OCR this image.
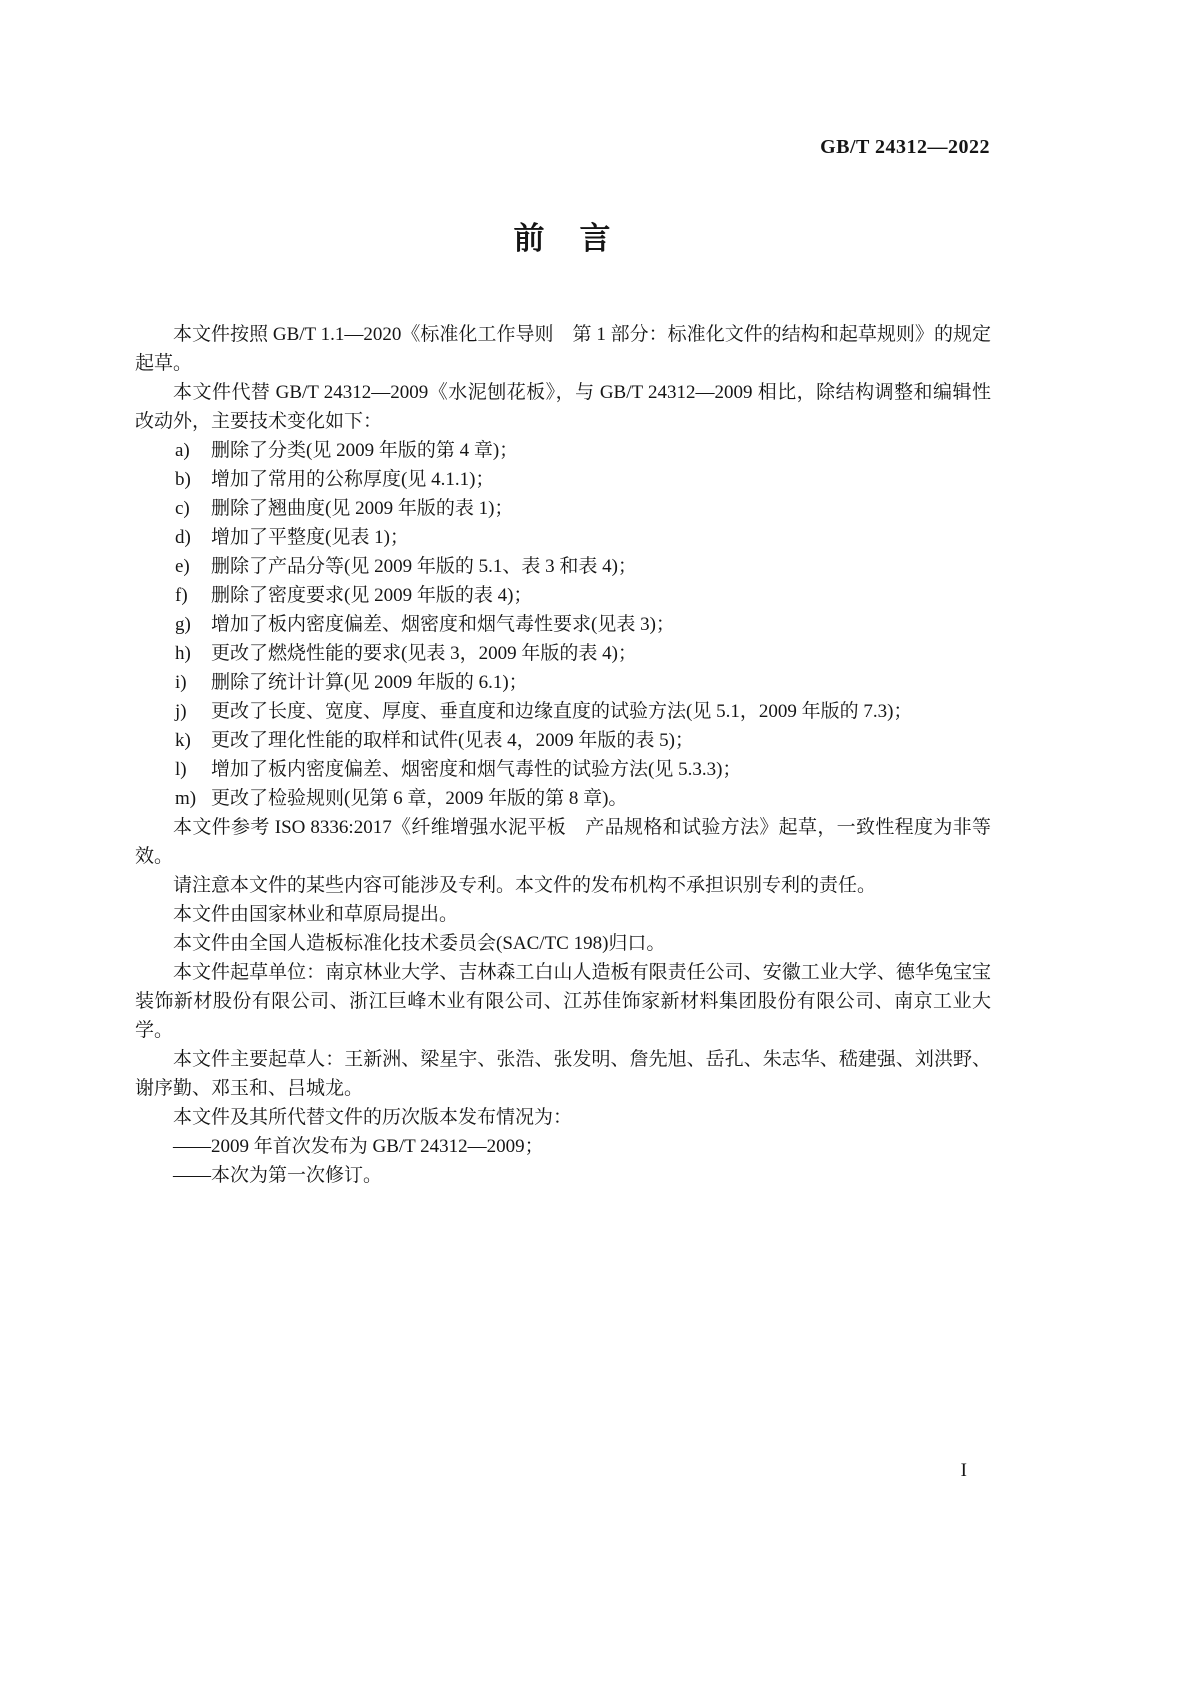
GB/T 24312—2022
前　言

本文件按照 GB/T 1.1—2020《标准化工作导则　第 1 部分：标准化文件的结构和起草规则》的规定起草。

本文件代替 GB/T 24312—2009《水泥刨花板》，与 GB/T 24312—2009 相比，除结构调整和编辑性改动外，主要技术变化如下：

a) 删除了分类(见 2009 年版的第 4 章)；
b) 增加了常用的公称厚度(见 4.1.1)；
c) 删除了翘曲度(见 2009 年版的表 1)；
d) 增加了平整度(见表 1)；
e) 删除了产品分等(见 2009 年版的 5.1、表 3 和表 4)；
f) 删除了密度要求(见 2009 年版的表 4)；
g) 增加了板内密度偏差、烟密度和烟气毒性要求(见表 3)；
h) 更改了燃烧性能的要求(见表 3，2009 年版的表 4)；
i) 删除了统计计算(见 2009 年版的 6.1)；
j) 更改了长度、宽度、厚度、垂直度和边缘直度的试验方法(见 5.1，2009 年版的 7.3)；
k) 更改了理化性能的取样和试件(见表 4，2009 年版的表 5)；
l) 增加了板内密度偏差、烟密度和烟气毒性的试验方法(见 5.3.3)；
m) 更改了检验规则(见第 6 章，2009 年版的第 8 章)。

本文件参考 ISO 8336:2017《纤维增强水泥平板　产品规格和试验方法》起草，一致性程度为非等效。

请注意本文件的某些内容可能涉及专利。本文件的发布机构不承担识别专利的责任。

本文件由国家林业和草原局提出。

本文件由全国人造板标准化技术委员会(SAC/TC 198)归口。

本文件起草单位：南京林业大学、吉林森工白山人造板有限责任公司、安徽工业大学、德华兔宝宝装饰新材股份有限公司、浙江巨峰木业有限公司、江苏佳饰家新材料集团股份有限公司、南京工业大学。

本文件主要起草人：王新洲、梁星宇、张浩、张发明、詹先旭、岳孔、朱志华、嵇建强、刘洪野、谢序勤、邓玉和、吕城龙。

本文件及其所代替文件的历次版本发布情况为：

——2009 年首次发布为 GB/T 24312—2009；

——本次为第一次修订。

I
